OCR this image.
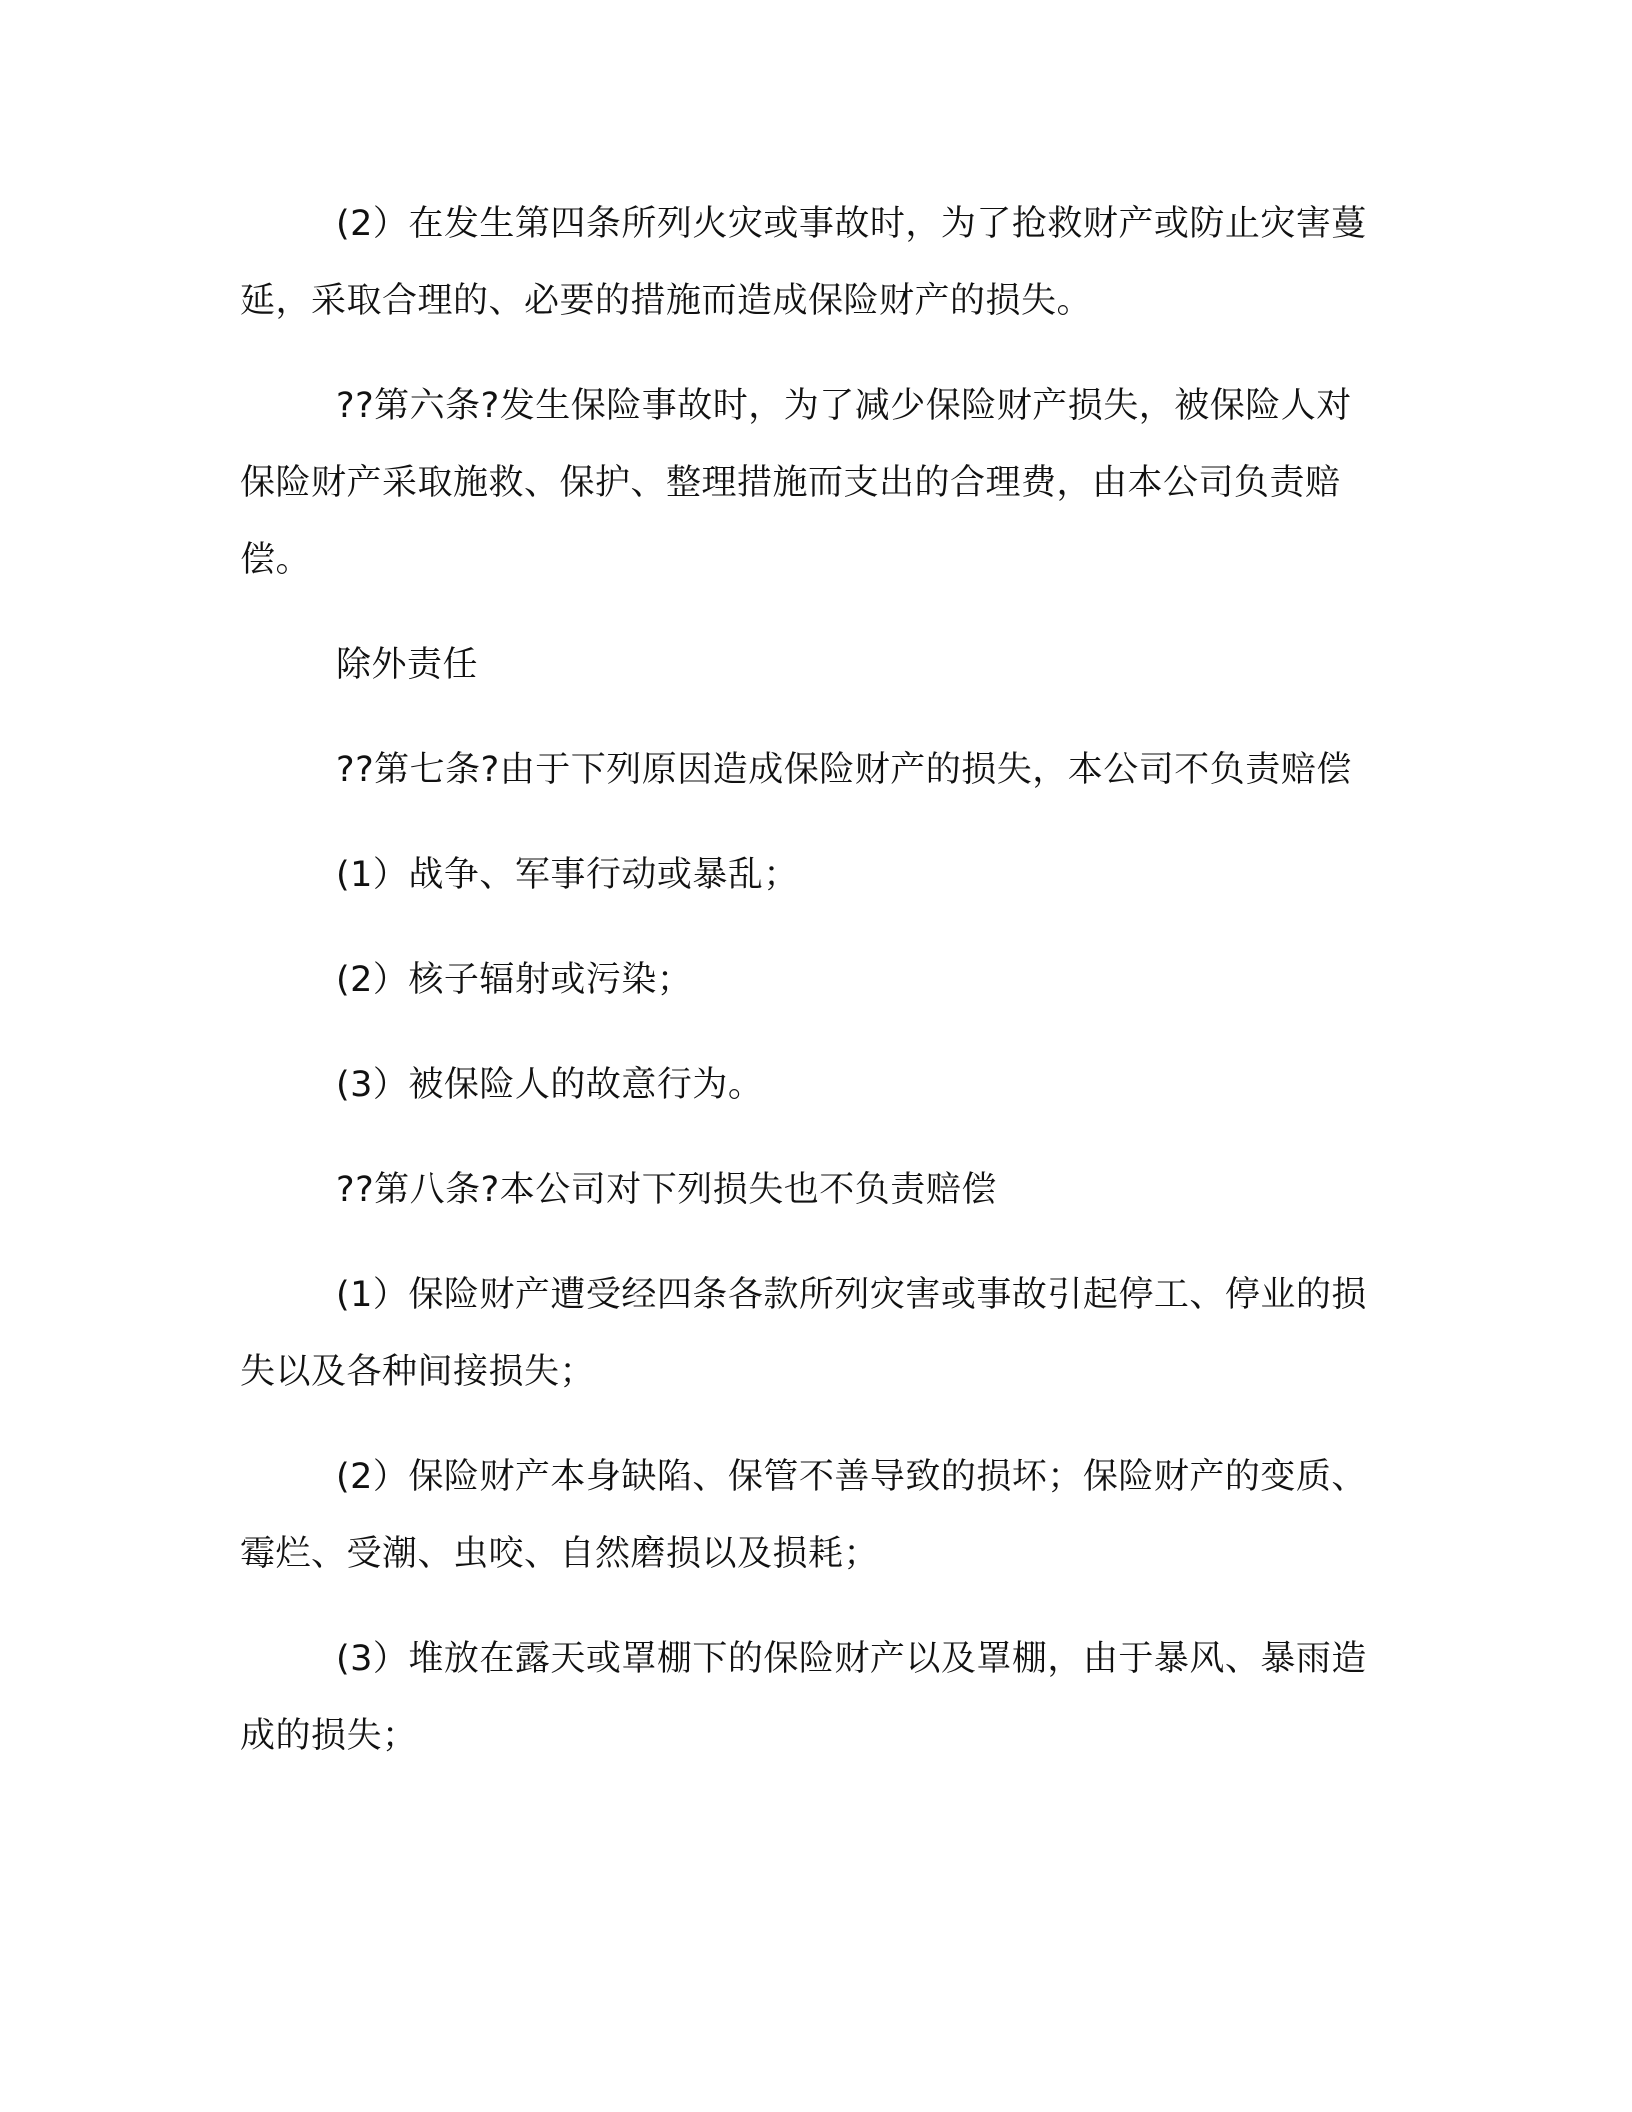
(2）在发生第四条所列火灾或事故时，为了抢救财产或防止灾害蔓延，采取合理的、必要的措施而造成保险财产的损失。

??第六条?发生保险事故时，为了减少保险财产损失，被保险人对保险财产采取施救、保护、整理措施而支出的合理费，由本公司负责赔偿。

除外责任

??第七条?由于下列原因造成保险财产的损失，本公司不负责赔偿

(1）战争、军事行动或暴乱；

(2）核子辐射或污染；

(3）被保险人的故意行为。

??第八条?本公司对下列损失也不负责赔偿

(1）保险财产遭受经四条各款所列灾害或事故引起停工、停业的损失以及各种间接损失；

(2）保险财产本身缺陷、保管不善导致的损坏；保险财产的变质、霉烂、受潮、虫咬、自然磨损以及损耗；

(3）堆放在露天或罩棚下的保险财产以及罩棚，由于暴风、暴雨造成的损失；
